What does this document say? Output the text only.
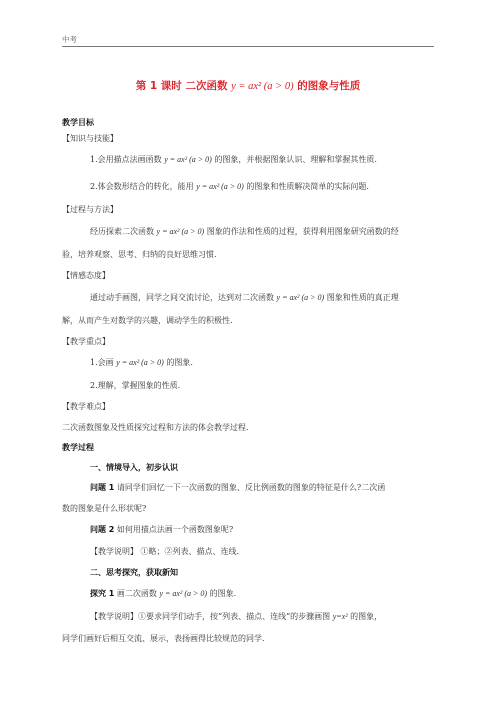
中考
第 1 课时 二次函数 y = ax² (a > 0) 的图象与性质
教学目标
【知识与技能】
1.会用描点法画函数 y = ax² (a > 0) 的图象，并根据图象认识、理解和掌握其性质.
2.体会数形结合的转化，能用 y = ax² (a > 0) 的图象和性质解决简单的实际问题.
【过程与方法】
经历探索二次函数 y = ax² (a > 0) 图象的作法和性质的过程，获得利用图象研究函数的经
验，培养观察、思考、归纳的良好思维习惯.
【情感态度】
通过动手画图，同学之间交流讨论，达到对二次函数 y = ax² (a > 0) 图象和性质的真正理
解，从而产生对数学的兴趣，调动学生的积极性.
【教学重点】
1.会画 y = ax² (a > 0) 的图象.
2.理解，掌握图象的性质.
【教学难点】
二次函数图象及性质探究过程和方法的体会教学过程.
教学过程
一、情境导入，初步认识
问题 1 请同学们回忆一下一次函数的图象、反比例函数的图象的特征是什么?二次函
数的图象是什么形状呢?
问题 2 如何用描点法画一个函数图象呢?
【教学说明】 ①略；②列表、描点、连线.
二、思考探究，获取新知
探究 1 画二次函数 y = ax² (a > 0) 的图象.
【教学说明】①要求同学们动手，按“列表、描点、连线”的步骤画图 y=x² 的图象，
同学们画好后相互交流、展示，表扬画得比较规范的同学.
